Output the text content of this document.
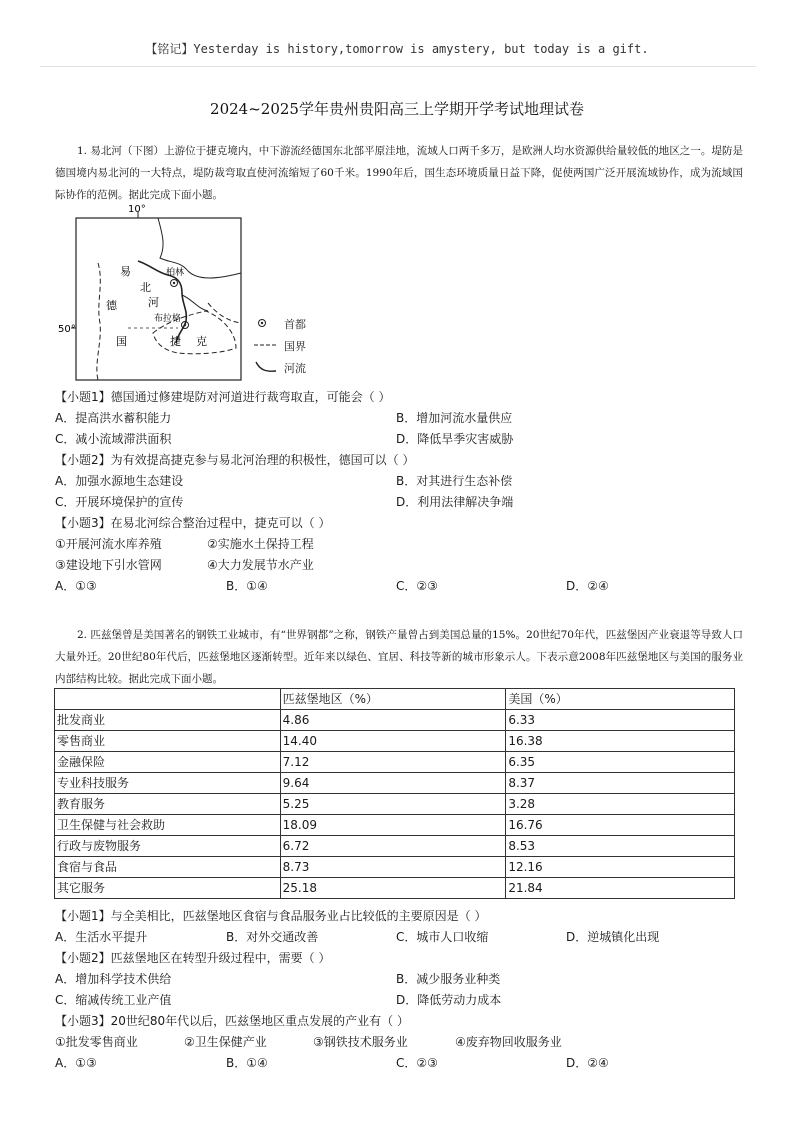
【铭记】Yesterday is history,tomorrow is amystery, but today is a gift.
2024~2025学年贵州贵阳高三上学期开学考试地理试卷

1. 易北河（下图）上游位于捷克境内，中下游流经德国东北部平原洼地，流域人口两千多万，是欧洲人均水资源供给量较低的地区之一。堤防是德国境内易北河的一大特点，堤防裁弯取直使河流缩短了60千米。1990年后，国生态环境质量日益下降，促使两国广泛开展流域协作，成为流域国际协作的范例。据此完成下面小题。

10°
50°
柏林
布拉格
易
北
河
德
国	捷 克
首都
国界
河流
【小题1】德国通过修建堤防对河道进行裁弯取直，可能会（ ）
A．提高洪水蓄积能力	B．增加河流水量供应
C．减小流域滞洪面积	D．降低旱季灾害威胁
【小题2】为有效提高捷克参与易北河治理的积极性，德国可以（ ）
A．加强水源地生态建设	B．对其进行生态补偿
C．开展环境保护的宣传	D．利用法律解决争端
【小题3】在易北河综合整治过程中，捷克可以（ ）
①开展河流水库养殖	②实施水土保持工程
③建设地下引水管网	④大力发展节水产业
A．①③	B．①④	C．②③	D．②④

2. 匹兹堡曾是美国著名的钢铁工业城市，有“世界钢都”之称，钢铁产量曾占到美国总量的15%。20世纪70年代，匹兹堡因产业衰退等导致人口大量外迁。20世纪80年代后，匹兹堡地区逐渐转型。近年来以绿色、宜居、科技等新的城市形象示人。下表示意2008年匹兹堡地区与美国的服务业内部结构比较。据此完成下面小题。

	匹兹堡地区（%）	美国（%）
批发商业	4.86	6.33
零售商业	14.40	16.38
金融保险	7.12	6.35
专业科技服务	9.64	8.37
教育服务	5.25	3.28
卫生保健与社会救助	18.09	16.76
行政与废物服务	6.72	8.53
食宿与食品	8.73	12.16
其它服务	25.18	21.84
【小题1】与全美相比，匹兹堡地区食宿与食品服务业占比较低的主要原因是（ ）
A．生活水平提升	B．对外交通改善	C．城市人口收缩	D．逆城镇化出现
【小题2】匹兹堡地区在转型升级过程中，需要（ ）
A．增加科学技术供给	B．减少服务业种类
C．缩减传统工业产值	D．降低劳动力成本
【小题3】20世纪80年代以后，匹兹堡地区重点发展的产业有（ ）
①批发零售商业	②卫生保健产业	③钢铁技术服务业	④废弃物回收服务业
A．①③	B．①④	C．②③	D．②④
